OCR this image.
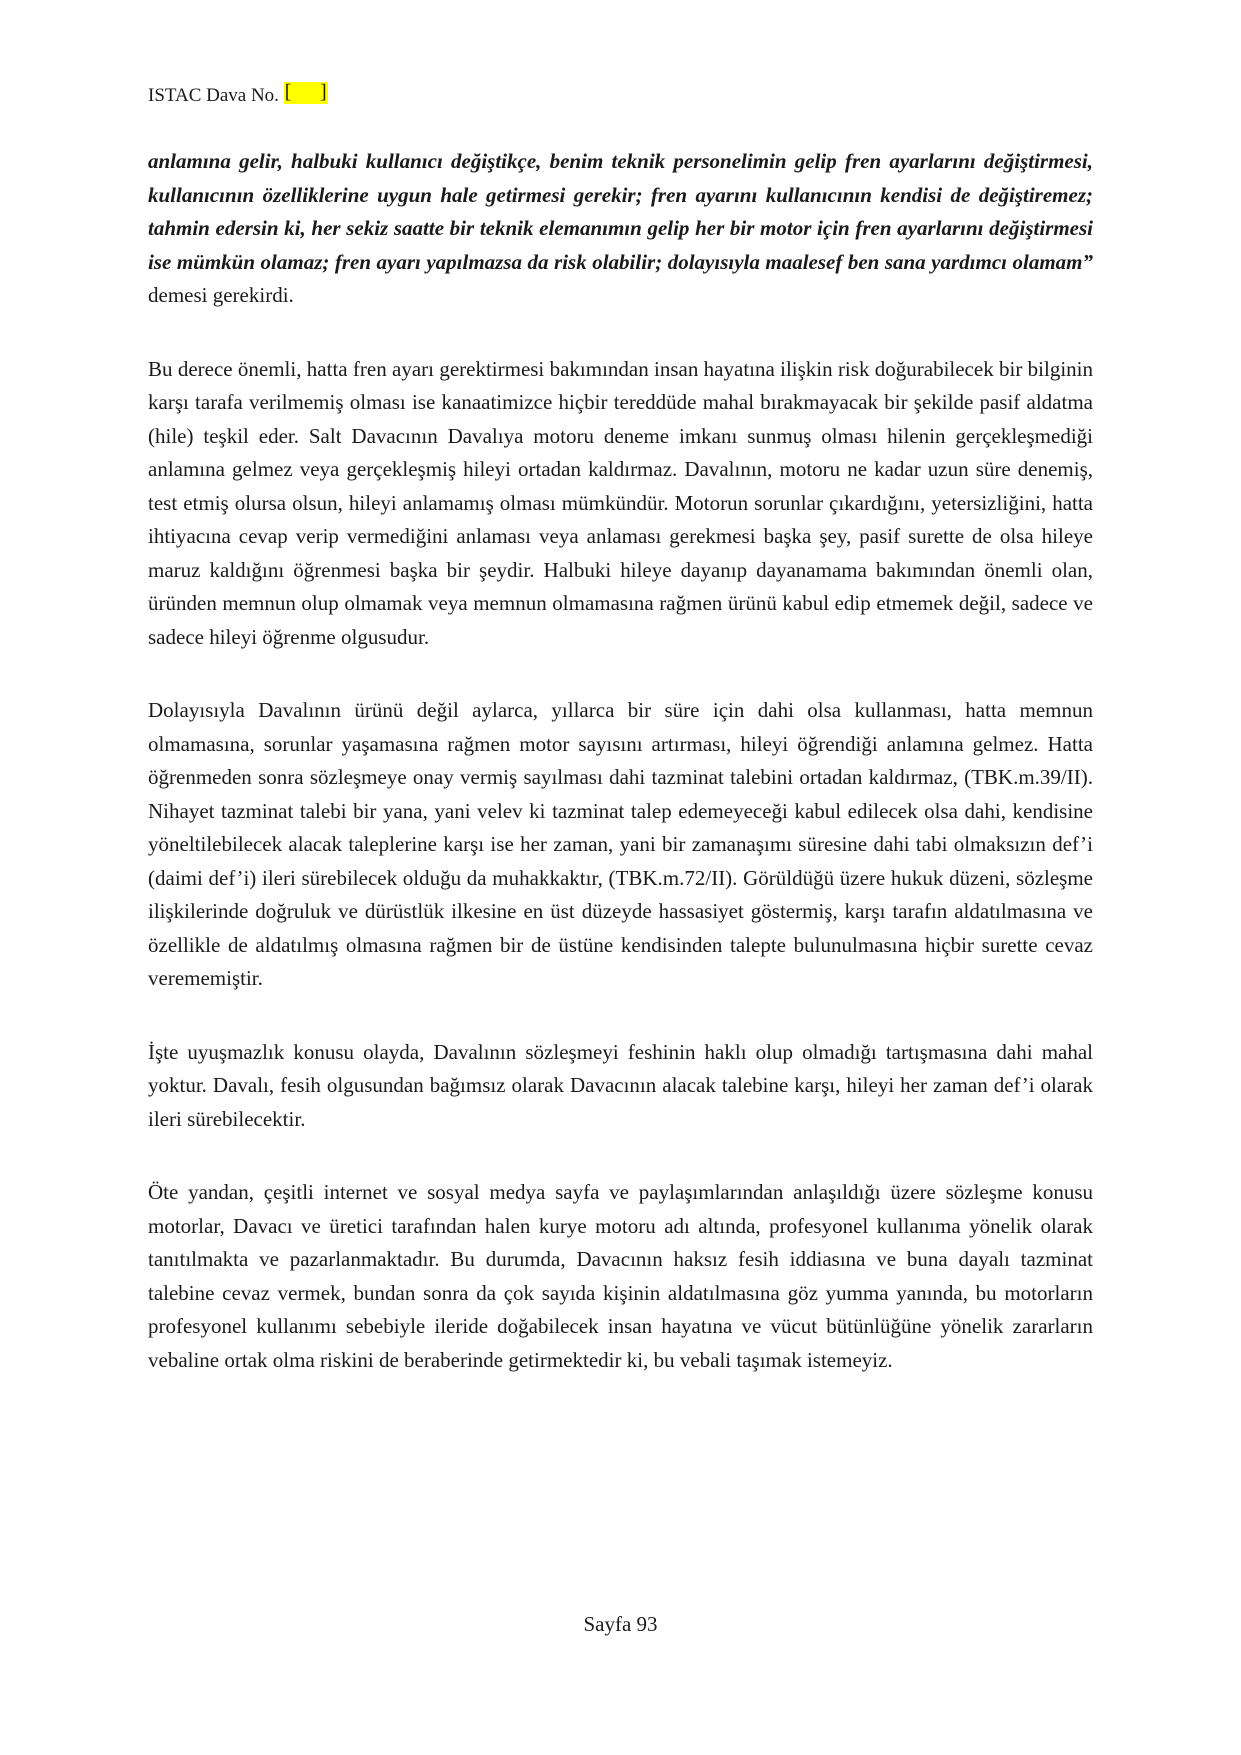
ISTAC Dava No. [ ]

anlamına gelir, halbuki kullanıcı değiştikçe, benim teknik personelimin gelip fren ayarlarını değiştirmesi, kullanıcının özelliklerine uygun hale getirmesi gerekir; fren ayarını kullanıcının kendisi de değiştiremez; tahmin edersin ki, her sekiz saatte bir teknik elemanımın gelip her bir motor için fren ayarlarını değiştirmesi ise mümkün olamaz; fren ayarı yapılmazsa da risk olabilir; dolayısıyla maalesef ben sana yardımcı olamam” demesi gerekirdi.

Bu derece önemli, hatta fren ayarı gerektirmesi bakımından insan hayatına ilişkin risk doğurabilecek bir bilginin karşı tarafa verilmemiş olması ise kanaatimizce hiçbir tereddüde mahal bırakmayacak bir şekilde pasif aldatma (hile) teşkil eder. Salt Davacının Davalıya motoru deneme imkanı sunmuş olması hilenin gerçekleşmediği anlamına gelmez veya gerçekleşmiş hileyi ortadan kaldırmaz. Davalının, motoru ne kadar uzun süre denemiş, test etmiş olursa olsun, hileyi anlamamış olması mümkündür. Motorun sorunlar çıkardığını, yetersizliğini, hatta ihtiyacına cevap verip vermediğini anlaması veya anlaması gerekmesi başka şey, pasif surette de olsa hileye maruz kaldığını öğrenmesi başka bir şeydir. Halbuki hileye dayanıp dayanamama bakımından önemli olan, üründen memnun olup olmamak veya memnun olmamasına rağmen ürünü kabul edip etmemek değil, sadece ve sadece hileyi öğrenme olgusudur.

Dolayısıyla Davalının ürünü değil aylarca, yıllarca bir süre için dahi olsa kullanması, hatta memnun olmamasına, sorunlar yaşamasına rağmen motor sayısını artırması, hileyi öğrendiği anlamına gelmez. Hatta öğrenmeden sonra sözleşmeye onay vermiş sayılması dahi tazminat talebini ortadan kaldırmaz, (TBK.m.39/II). Nihayet tazminat talebi bir yana, yani velev ki tazminat talep edemeyeceği kabul edilecek olsa dahi, kendisine yöneltilebilecek alacak taleplerine karşı ise her zaman, yani bir zamanaşımı süresine dahi tabi olmaksızın def’i (daimi def’i) ileri sürebilecek olduğu da muhakkaktır, (TBK.m.72/II). Görüldüğü üzere hukuk düzeni, sözleşme ilişkilerinde doğruluk ve dürüstlük ilkesine en üst düzeyde hassasiyet göstermiş, karşı tarafın aldatılmasına ve özellikle de aldatılmış olmasına rağmen bir de üstüne kendisinden talepte bulunulmasına hiçbir surette cevaz verememiştir.

İşte uyuşmazlık konusu olayda, Davalının sözleşmeyi feshinin haklı olup olmadığı tartışmasına dahi mahal yoktur. Davalı, fesih olgusundan bağımsız olarak Davacının alacak talebine karşı, hileyi her zaman def’i olarak ileri sürebilecektir.

Öte yandan, çeşitli internet ve sosyal medya sayfa ve paylaşımlarından anlaşıldığı üzere sözleşme konusu motorlar, Davacı ve üretici tarafından halen kurye motoru adı altında, profesyonel kullanıma yönelik olarak tanıtılmakta ve pazarlanmaktadır. Bu durumda, Davacının haksız fesih iddiasına ve buna dayalı tazminat talebine cevaz vermek, bundan sonra da çok sayıda kişinin aldatılmasına göz yumma yanında, bu motorların profesyonel kullanımı sebebiyle ileride doğabilecek insan hayatına ve vücut bütünlüğüne yönelik zararların vebaline ortak olma riskini de beraberinde getirmektedir ki, bu vebali taşımak istemeyiz.

Sayfa 93
